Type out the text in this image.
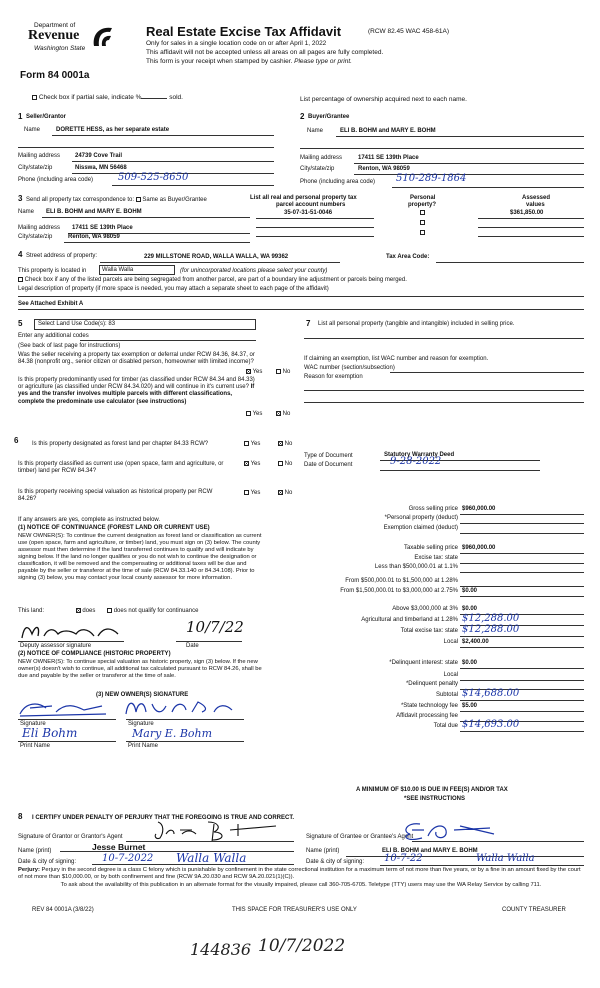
Department of
Revenue
Washington State
Form 84 0001a
Real Estate Excise Tax Affidavit	(RCW 82.45 WAC 458-61A)
Only for sales in a single location code on or after April 1, 2022
This affidavit will not be accepted unless all areas on all pages are fully completed.
This form is your receipt when stamped by cashier. Please type or print.
Check box if partial sale, indicate %	sold.	List percentage of ownership acquired next to each name.
1 Seller/Grantor
Name	DORETTE HESS, as her separate estate
Mailing address 24739 Cove Trail
City/state/zip	Nisswa, MN 56468
Phone (including area code) 509-525-8650
2 Buyer/Grantee
Name	ELI B. BOHM and MARY E. BOHM
Mailing address	17411 SE 139th Place
City/state/zip	Renton, WA 98059
Phone (including area code) 510-289-1864
3 Send all property tax correspondence to: Same as Buyer/Grantee
Name ELI B. BOHM and MARY E. BOHM
Mailing address 17411 SE 139th Place
City/state/zip	Renton, WA 98059
List all real and personal property tax
parcel account numbers
35-07-31-51-0046
Personal
property?
Assessed
values
$361,850.00
4 Street address of property:	229 MILLSTONE ROAD, WALLA WALLA, WA 99362	Tax Area Code:
This property is located in	Walla Walla	(for unincorporated locations please select your county)
Check box if any of the listed parcels are being segregated from another parcel, are part of a boundary line adjustment or parcels being merged.
Legal description of property (if more space is needed, you may attach a separate sheet to each page of the affidavit)
See Attached Exhibit A
5	Select Land Use Code(s): 83
Enter any additional codes
(See back of last page for instructions)
Was the seller receiving a property tax exemption or deferral under RCW 84.36, 84.37, or 84.38 (nonprofit org., senior citizen or disabled person, homeowner with limited income)?
Yes	No
Is this property predominantly used for timber (as classified under RCW 84.34 and 84.33) or agriculture (as classified under RCW 84.34.020) and will continue in it's current use? If yes and the transfer involves multiple parcels with different classifications, complete the predominate use calculator (see instructions)
Yes	No
7 List all personal property (tangible and intangible) included in selling price.
If claiming an exemption, list WAC number and reason for exemption.
WAC number (section/subsection)
Reason for exemption
6 Is this property designated as forest land per chapter 84.33 RCW?	Yes	No
Is this property classified as current use (open space, farm and agriculture, or timber) land per RCW 84.34?
Yes	No
Is this property receiving special valuation as historical property per RCW 84.26?
Yes	No
Type of Document	Statutory Warranty Deed
Date of Document	9-28-2022
If any answers are yes, complete as instructed below.
(1) NOTICE OF CONTINUANCE (FOREST LAND OR CURRENT USE)
NEW OWNER(S): To continue the current designation as forest land or classification as current use (open space, farm and agriculture, or timber) land, you must sign on (3) below. The county assessor must then determine if the land transferred continues to qualify and will indicate by signing below. If the land no longer qualifies or you do not wish to continue the designation or classification, it will be removed and the compensating or additional taxes will be due and payable by the seller or transferor at the time of sale (RCW 84.33.140 or 84.34.108). Prior to signing (3) below, you may contact your local county assessor for more information.
This land:	does	does not qualify for continuance
10/7/22
Deputy assessor signature	Date
(2) NOTICE OF COMPLIANCE (HISTORIC PROPERTY)
NEW OWNER(S): To continue special valuation as historic property, sign (3) below. If the new owner(s) doesn't wish to continue, all additional tax calculated pursuant to RCW 84.26, shall be due and payable by the seller or transferor at the time of sale.
(3) NEW OWNER(S) SIGNATURE
Signature	Signature
Eli Bohm	Mary E. Bohm
Print Name	Print Name
Gross selling price $960,000.00
*Personal property (deduct)
Exemption claimed (deduct)
Taxable selling price $960,000.00
Excise tax: state
Less than $500,000.01 at 1.1%
From $500,000.01 to $1,500,000 at 1.28%
From $1,500,000.01 to $3,000,000 at 2.75% $0.00
Above $3,000,000 at 3% $0.00
Agricultural and timberland at 1.28% $12,288.00
Total excise tax: state $12,288.00
Local $2,400.00
*Delinquent interest: state $0.00
Local
*Delinquent penalty
Subtotal $14,688.00
*State technology fee $5.00
Affidavit processing fee
Total due $14,693.00
A MINIMUM OF $10.00 IS DUE IN FEE(S) AND/OR TAX
*SEE INSTRUCTIONS
8 I CERTIFY UNDER PENALTY OF PERJURY THAT THE FOREGOING IS TRUE AND CORRECT.
Signature of Grantor or Grantor's Agent
Name (print)	Jesse Burnet
Date & city of signing:	10-7-2022 Walla Walla
Signature of Grantee or Grantee's Agent
Name (print)	ELI B. BOHM and MARY E. BOHM
Date & city of signing: 10-7-22	Walla Walla
Perjury: Perjury in the second degree is a class C felony which is punishable by confinement in the state correctional institution for a maximum term of not more than five years, or by a fine in an amount fixed by the court of not more than $10,000.00, or by both confinement and fine (RCW 9A.20.030 and RCW 9A.20.021(1)(C)).
To ask about the availability of this publication in an alternate format for the visually impaired, please call 360-705-6705. Teletype (TTY) users may use the WA Relay Service by calling 711.
REV 84 0001A (3/8/22)	THIS SPACE FOR TREASURER'S USE ONLY	COUNTY TREASURER
144836 10/7/2022
